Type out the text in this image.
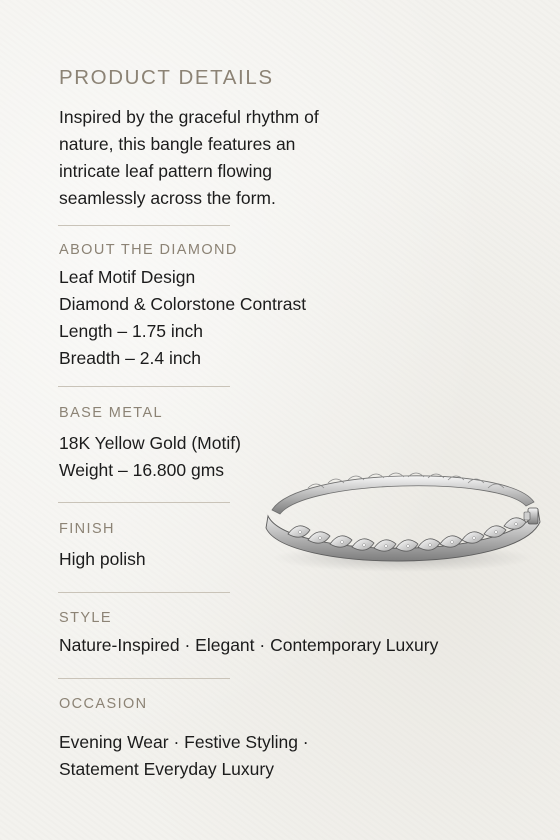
PRODUCT DETAILS
Inspired by the graceful rhythm of
nature, this bangle features an
intricate leaf pattern flowing
seamlessly across the form.
ABOUT THE DIAMOND
Leaf Motif Design
Diamond & Colorstone Contrast
Length – 1.75 inch
Breadth – 2.4 inch
BASE METAL
18K Yellow Gold (Motif)
Weight – 16.800 gms
FINISH
High polish
STYLE
Nature-Inspired · Elegant · Contemporary Luxury
OCCASION
Evening Wear · Festive Styling ·
Statement Everyday Luxury
